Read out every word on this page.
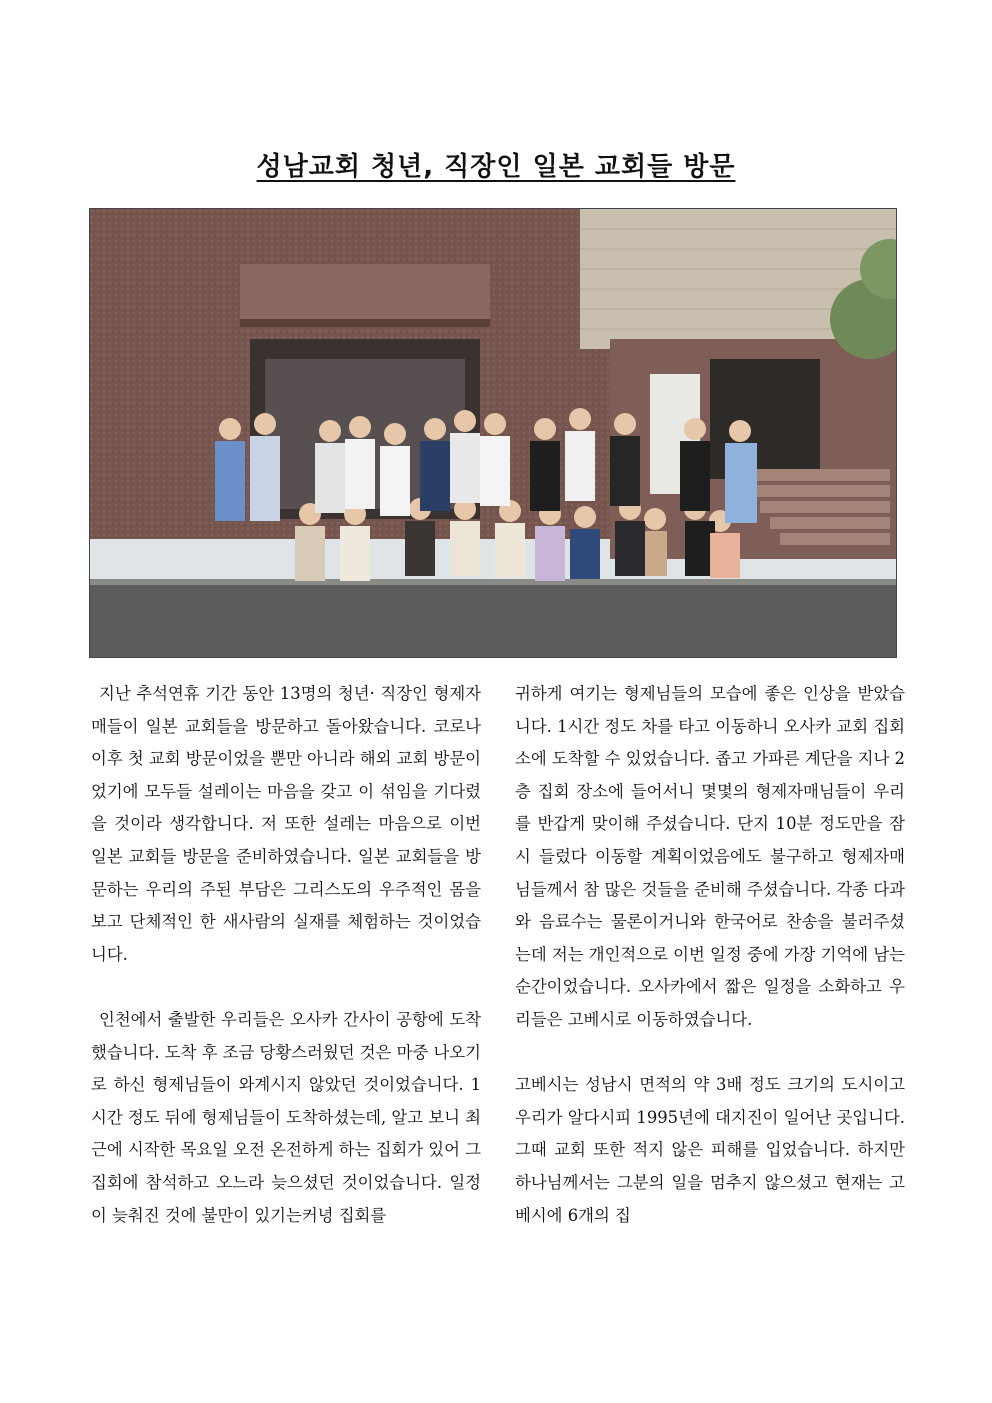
성남교회 청년, 직장인 일본 교회들 방문

지난 추석연휴 기간 동안 13명의 청년· 직장인 형제자매들이 일본 교회들을 방문하고 돌아왔습니다. 코로나 이후 첫 교회 방문이었을 뿐만 아니라 해외 교회 방문이었기에 모두들 설레이는 마음을 갖고 이 섞임을 기다렸을 것이라 생각합니다. 저 또한 설레는 마음으로 이번 일본 교회들 방문을 준비하였습니다. 일본 교회들을 방문하는 우리의 주된 부담은 그리스도의 우주적인 몸을 보고 단체적인 한 새사람의 실재를 체험하는 것이었습니다.

인천에서 출발한 우리들은 오사카 간사이 공항에 도착했습니다. 도착 후 조금 당황스러웠던 것은 마중 나오기로 하신 형제님들이 와계시지 않았던 것이었습니다. 1시간 정도 뒤에 형제님들이 도착하셨는데, 알고 보니 최근에 시작한 목요일 오전 온전하게 하는 집회가 있어 그 집회에 참석하고 오느라 늦으셨던 것이었습니다. 일정이 늦춰진 것에 불만이 있기는커녕 집회를

귀하게 여기는 형제님들의 모습에 좋은 인상을 받았습니다. 1시간 정도 차를 타고 이동하니 오사카 교회 집회소에 도착할 수 있었습니다. 좁고 가파른 계단을 지나 2층 집회 장소에 들어서니 몇몇의 형제자매님들이 우리를 반갑게 맞이해 주셨습니다. 단지 10분 정도만을 잠시 들렀다 이동할 계획이었음에도 불구하고 형제자매님들께서 참 많은 것들을 준비해 주셨습니다. 각종 다과와 음료수는 물론이거니와 한국어로 찬송을 불러주셨는데 저는 개인적으로 이번 일정 중에 가장 기억에 남는 순간이었습니다. 오사카에서 짧은 일정을 소화하고 우리들은 고베시로 이동하였습니다.

고베시는 성남시 면적의 약 3배 정도 크기의 도시이고 우리가 알다시피 1995년에 대지진이 일어난 곳입니다. 그때 교회 또한 적지 않은 피해를 입었습니다. 하지만 하나님께서는 그분의 일을 멈추지 않으셨고 현재는 고베시에 6개의 집
